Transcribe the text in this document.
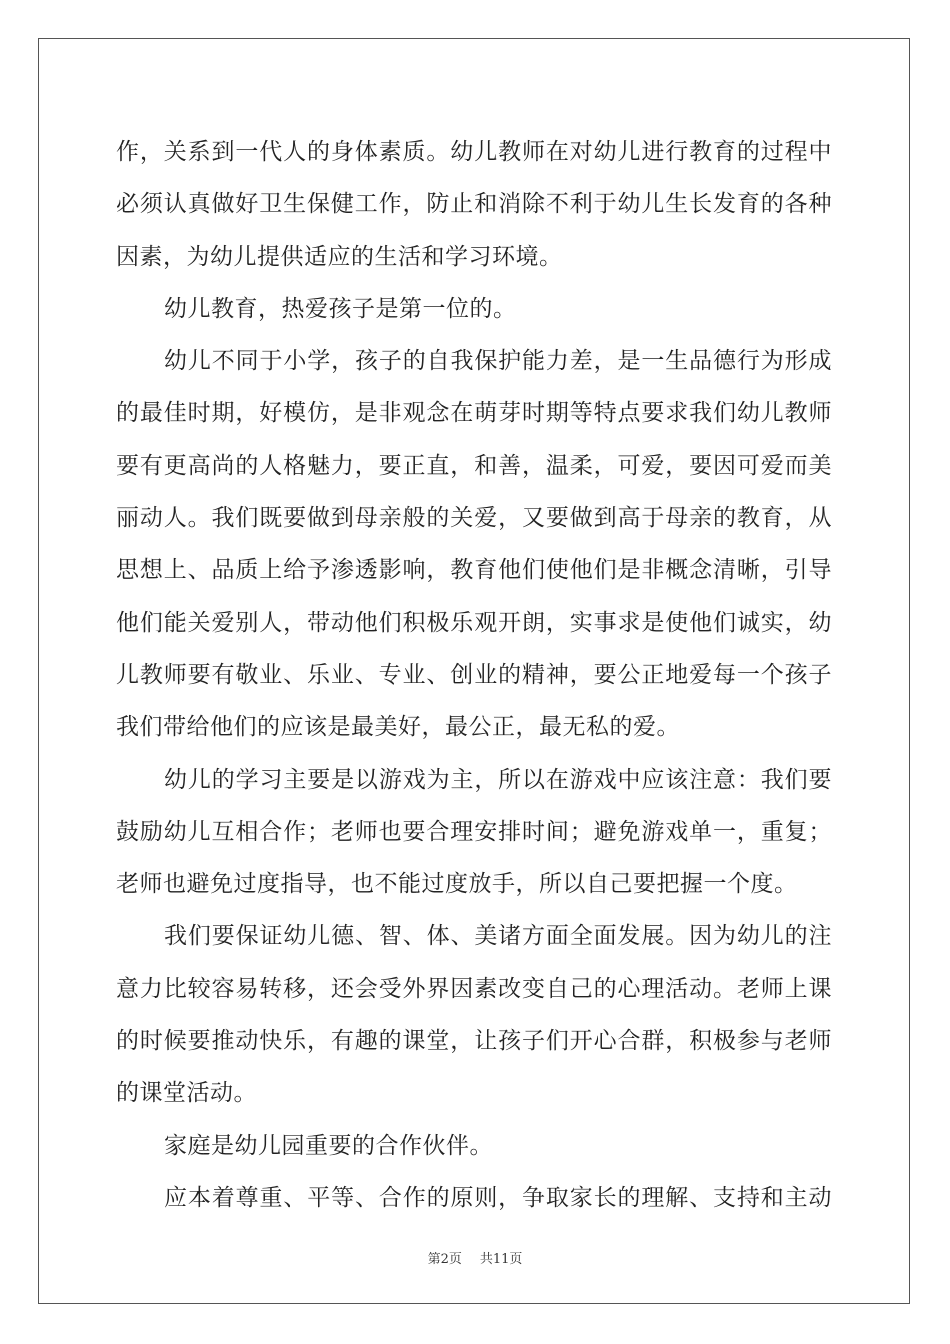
作，关系到一代人的身体素质。幼儿教师在对幼儿进行教育的过程中
必须认真做好卫生保健工作，防止和消除不利于幼儿生长发育的各种
因素，为幼儿提供适应的生活和学习环境。
幼儿教育，热爱孩子是第一位的。
幼儿不同于小学，孩子的自我保护能力差，是一生品德行为形成
的最佳时期，好模仿，是非观念在萌芽时期等特点要求我们幼儿教师
要有更高尚的人格魅力，要正直，和善，温柔，可爱，要因可爱而美
丽动人。我们既要做到母亲般的关爱，又要做到高于母亲的教育，从
思想上、品质上给予渗透影响，教育他们使他们是非概念清晰，引导
他们能关爱别人，带动他们积极乐观开朗，实事求是使他们诚实，幼
儿教师要有敬业、乐业、专业、创业的精神，要公正地爱每一个孩子
我们带给他们的应该是最美好，最公正，最无私的爱。
幼儿的学习主要是以游戏为主，所以在游戏中应该注意：我们要
鼓励幼儿互相合作；老师也要合理安排时间；避免游戏单一，重复；
老师也避免过度指导，也不能过度放手，所以自己要把握一个度。
我们要保证幼儿德、智、体、美诸方面全面发展。因为幼儿的注
意力比较容易转移，还会受外界因素改变自己的心理活动。老师上课
的时候要推动快乐，有趣的课堂，让孩子们开心合群，积极参与老师
的课堂活动。
家庭是幼儿园重要的合作伙伴。
应本着尊重、平等、合作的原则，争取家长的理解、支持和主动
第2页 共11页
